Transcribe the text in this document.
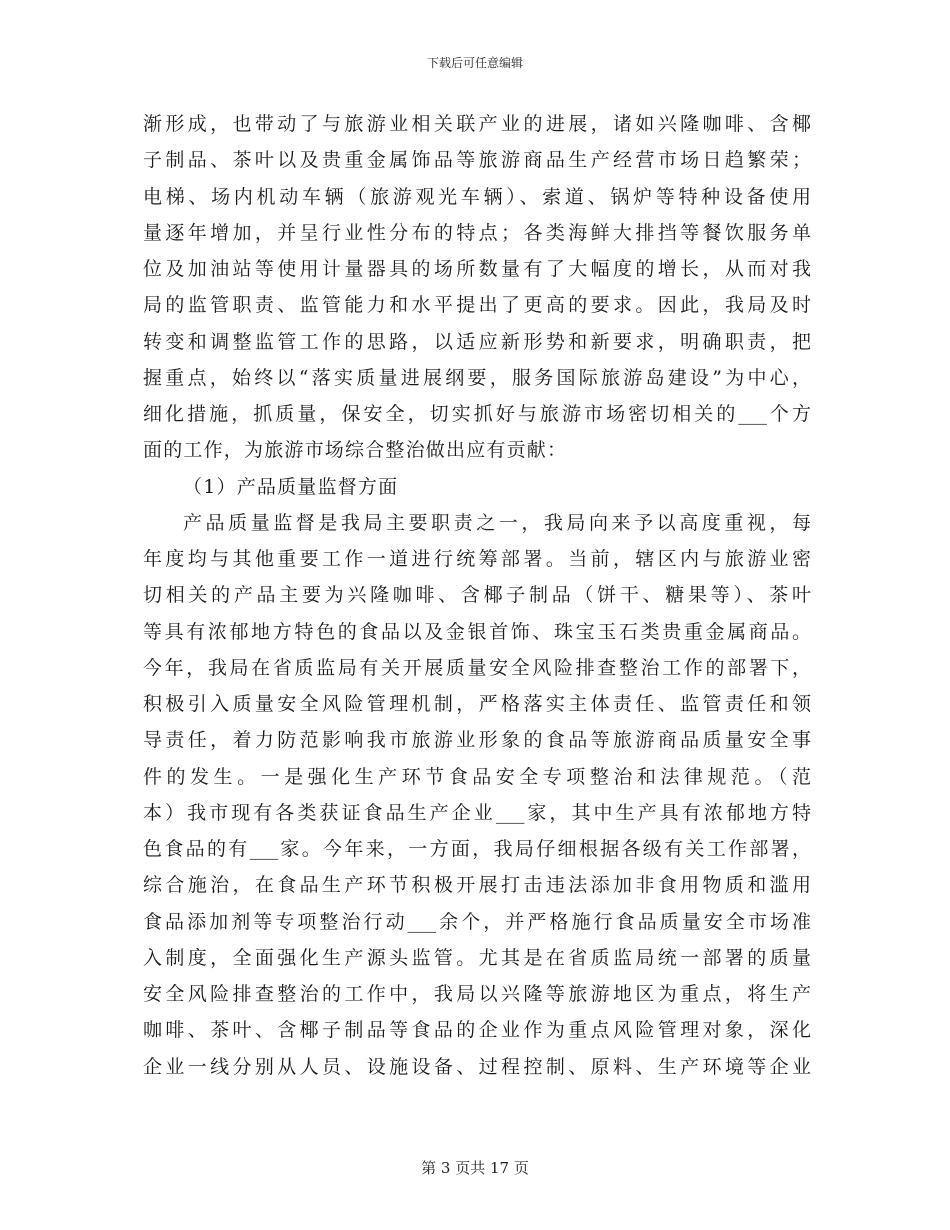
下载后可任意编辑
渐形成，也带动了与旅游业相关联产业的进展，诸如兴隆咖啡、含椰
子制品、茶叶以及贵重金属饰品等旅游商品生产经营市场日趋繁荣；
电梯、场内机动车辆（旅游观光车辆）、索道、锅炉等特种设备使用
量逐年增加，并呈行业性分布的特点；各类海鲜大排挡等餐饮服务单
位及加油站等使用计量器具的场所数量有了大幅度的增长，从而对我
局的监管职责、监管能力和水平提出了更高的要求。因此，我局及时
转变和调整监管工作的思路，以适应新形势和新要求，明确职责，把
握重点，始终以“落实质量进展纲要，服务国际旅游岛建设”为中心，
细化措施，抓质量，保安全，切实抓好与旅游市场密切相关的___个方
面的工作，为旅游市场综合整治做出应有贡献：
（1）产品质量监督方面
产品质量监督是我局主要职责之一，我局向来予以高度重视，每
年度均与其他重要工作一道进行统筹部署。当前，辖区内与旅游业密
切相关的产品主要为兴隆咖啡、含椰子制品（饼干、糖果等）、茶叶
等具有浓郁地方特色的食品以及金银首饰、珠宝玉石类贵重金属商品。
今年，我局在省质监局有关开展质量安全风险排查整治工作的部署下，
积极引入质量安全风险管理机制，严格落实主体责任、监管责任和领
导责任，着力防范影响我市旅游业形象的食品等旅游商品质量安全事
件的发生。一是强化生产环节食品安全专项整治和法律规范。（范
本）我市现有各类获证食品生产企业___家，其中生产具有浓郁地方特
色食品的有___家。今年来，一方面，我局仔细根据各级有关工作部署，
综合施治，在食品生产环节积极开展打击违法添加非食用物质和滥用
食品添加剂等专项整治行动___余个，并严格施行食品质量安全市场准
入制度，全面强化生产源头监管。尤其是在省质监局统一部署的质量
安全风险排查整治的工作中，我局以兴隆等旅游地区为重点，将生产
咖啡、茶叶、含椰子制品等食品的企业作为重点风险管理对象，深化
企业一线分别从人员、设施设备、过程控制、原料、生产环境等企业
第 3 页共 17 页
